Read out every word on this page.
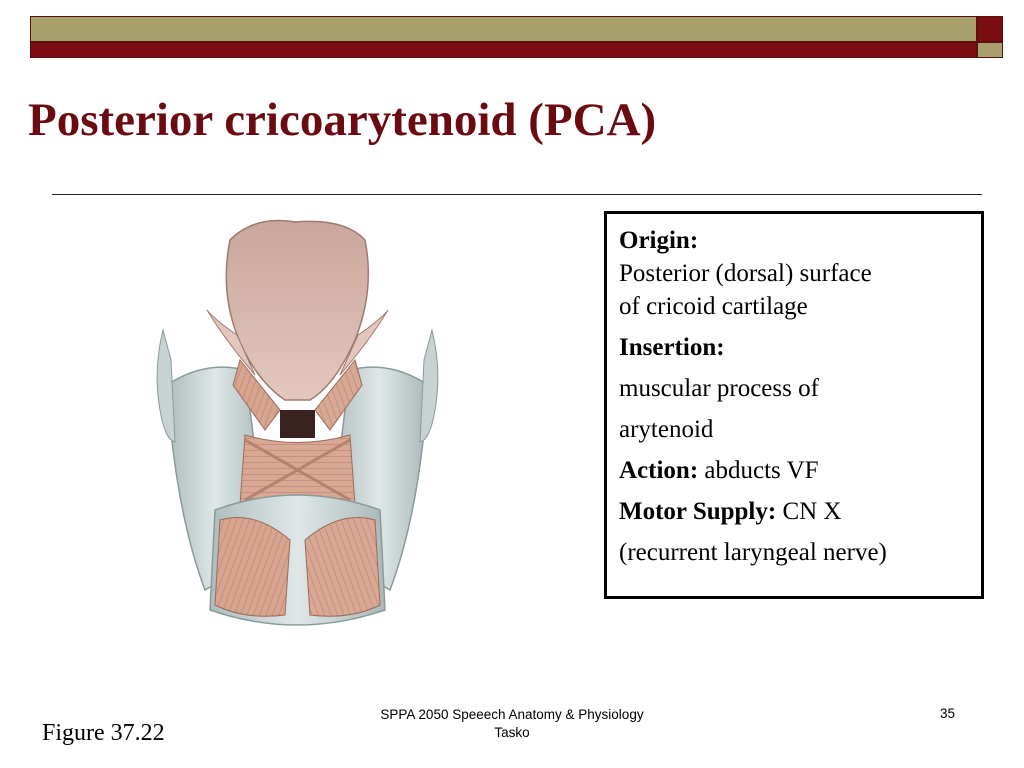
Posterior cricoarytenoid (PCA)

Origin:

Posterior (dorsal) surface

of cricoid cartilage

Insertion:

muscular process of

arytenoid

Action: abducts VF

Motor Supply: CN X

(recurrent laryngeal nerve)

Figure 37.22
SPPA 2050 Speeech Anatomy & Physiology
Tasko
35
